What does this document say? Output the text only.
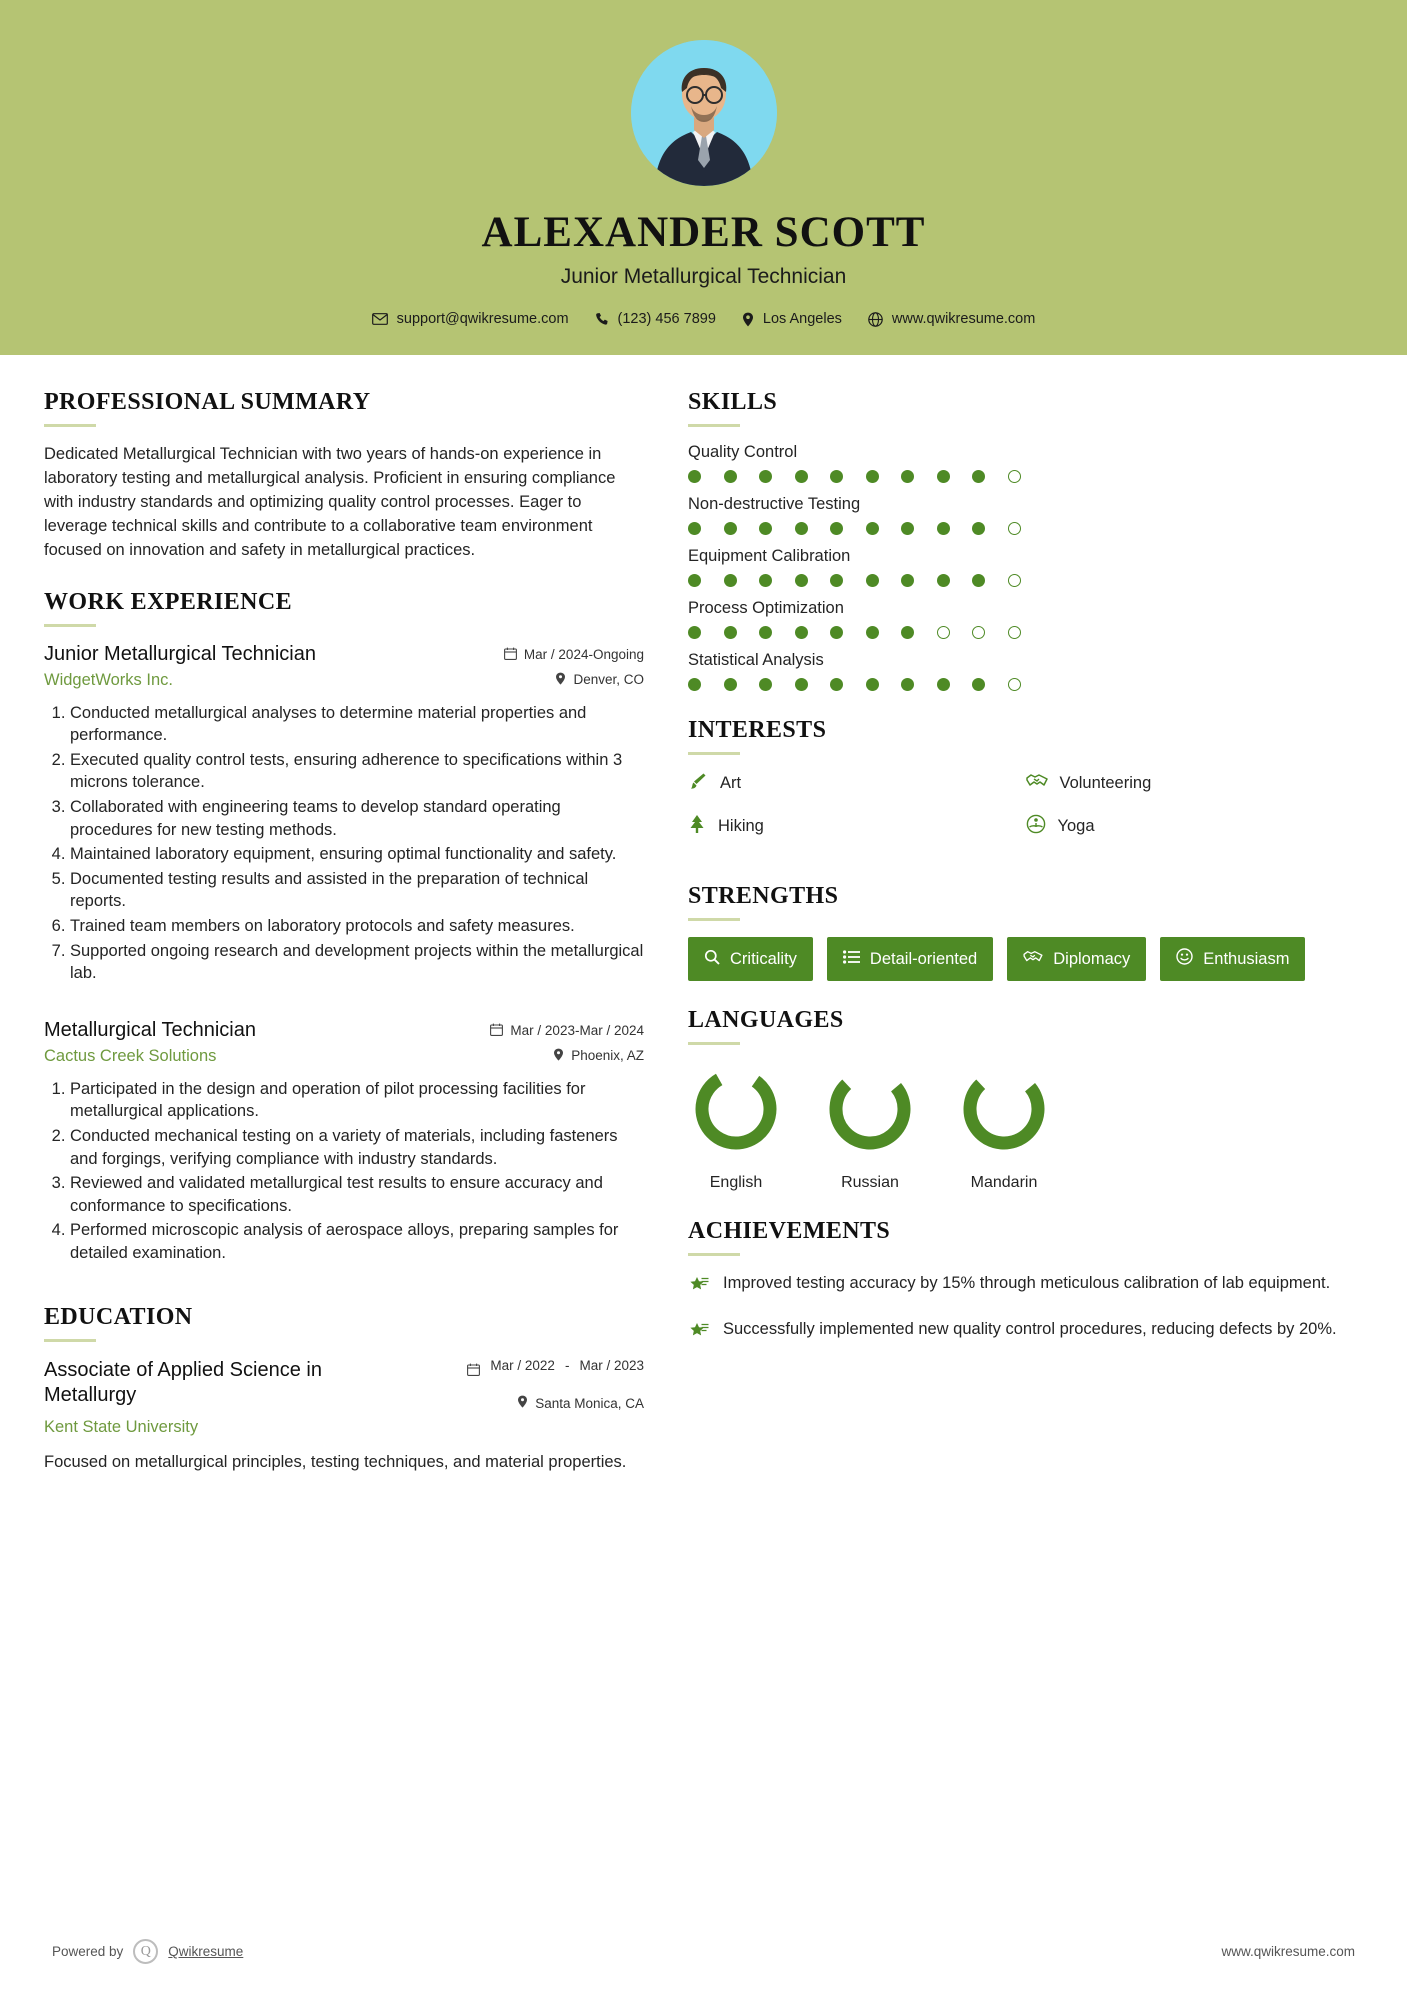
ALEXANDER SCOTT
Junior Metallurgical Technician
support@qwikresume.com	(123) 456 7899	Los Angeles	www.qwikresume.com
PROFESSIONAL SUMMARY

Dedicated Metallurgical Technician with two years of hands-on experience in laboratory testing and metallurgical analysis. Proficient in ensuring compliance with industry standards and optimizing quality control processes. Eager to leverage technical skills and contribute to a collaborative team environment focused on innovation and safety in metallurgical practices.

WORK EXPERIENCE
Junior Metallurgical Technician
WidgetWorks Inc.
Mar / 2024-Ongoing
Denver, CO
1. Conducted metallurgical analyses to determine material properties and performance.
2. Executed quality control tests, ensuring adherence to specifications within 3 microns tolerance.
3. Collaborated with engineering teams to develop standard operating procedures for new testing methods.
4. Maintained laboratory equipment, ensuring optimal functionality and safety.
5. Documented testing results and assisted in the preparation of technical reports.
6. Trained team members on laboratory protocols and safety measures.
7. Supported ongoing research and development projects within the metallurgical lab.
Metallurgical Technician
Cactus Creek Solutions
Mar / 2023-Mar / 2024
Phoenix, AZ
1. Participated in the design and operation of pilot processing facilities for metallurgical applications.
2. Conducted mechanical testing on a variety of materials, including fasteners and forgings, verifying compliance with industry standards.
3. Reviewed and validated metallurgical test results to ensure accuracy and conformance to specifications.
4. Performed microscopic analysis of aerospace alloys, preparing samples for detailed examination.
EDUCATION
Associate of Applied Science in Metallurgy
Kent State University
Mar / 2022 - Mar / 2023
Santa Monica, CA

Focused on metallurgical principles, testing techniques, and material properties.

SKILLS
Quality Control
Non-destructive Testing
Equipment Calibration
Process Optimization
Statistical Analysis
INTERESTS
Art	Volunteering
Hiking	Yoga
STRENGTHS
Criticality	Detail-oriented	Diplomacy	Enthusiasm
LANGUAGES
English	Russian	Mandarin
ACHIEVEMENTS
Improved testing accuracy by 15% through meticulous calibration of lab equipment.
Successfully implemented new quality control procedures, reducing defects by 20%.
Powered by	Q	Qwikresume	www.qwikresume.com
